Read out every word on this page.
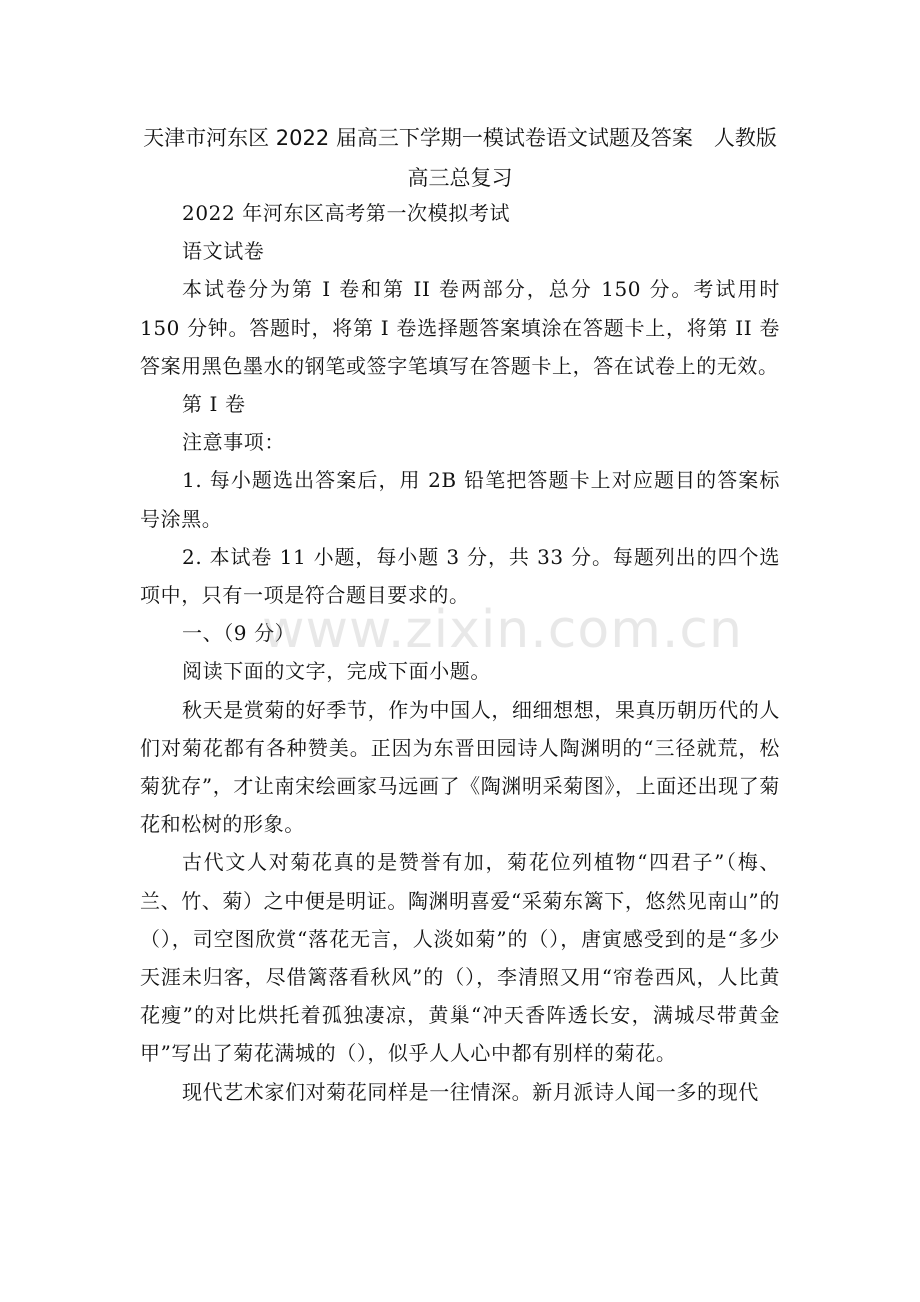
天津市河东区 2022 届高三下学期一模试卷语文试题及答案　人教版
高三总复习

2022 年河东区高考第一次模拟考试

语文试卷

本试卷分为第 I 卷和第 II 卷两部分，总分 150 分。考试用时 150 分钟。答题时，将第 I 卷选择题答案填涂在答题卡上，将第 II 卷答案用黑色墨水的钢笔或签字笔填写在答题卡上，答在试卷上的无效。

第 I 卷

注意事项：

1. 每小题选出答案后，用 2B 铅笔把答题卡上对应题目的答案标号涂黑。

2. 本试卷 11 小题，每小题 3 分，共 33 分。每题列出的四个选项中，只有一项是符合题目要求的。

一、（9 分）

阅读下面的文字，完成下面小题。

秋天是赏菊的好季节，作为中国人，细细想想，果真历朝历代的人们对菊花都有各种赞美。正因为东晋田园诗人陶渊明的“三径就荒，松菊犹存”，才让南宋绘画家马远画了《陶渊明采菊图》，上面还出现了菊花和松树的形象。

古代文人对菊花真的是赞誉有加，菊花位列植物“四君子”（梅、兰、竹、菊）之中便是明证。陶渊明喜爱“采菊东篱下，悠然见南山”的（），司空图欣赏“落花无言，人淡如菊”的（），唐寅感受到的是“多少天涯未归客，尽借篱落看秋风”的（），李清照又用“帘卷西风，人比黄花瘦”的对比烘托着孤独凄凉，黄巢“冲天香阵透长安，满城尽带黄金甲”写出了菊花满城的（），似乎人人心中都有别样的菊花。

现代艺术家们对菊花同样是一往情深。新月派诗人闻一多的现代

www.zixin.com.cn
